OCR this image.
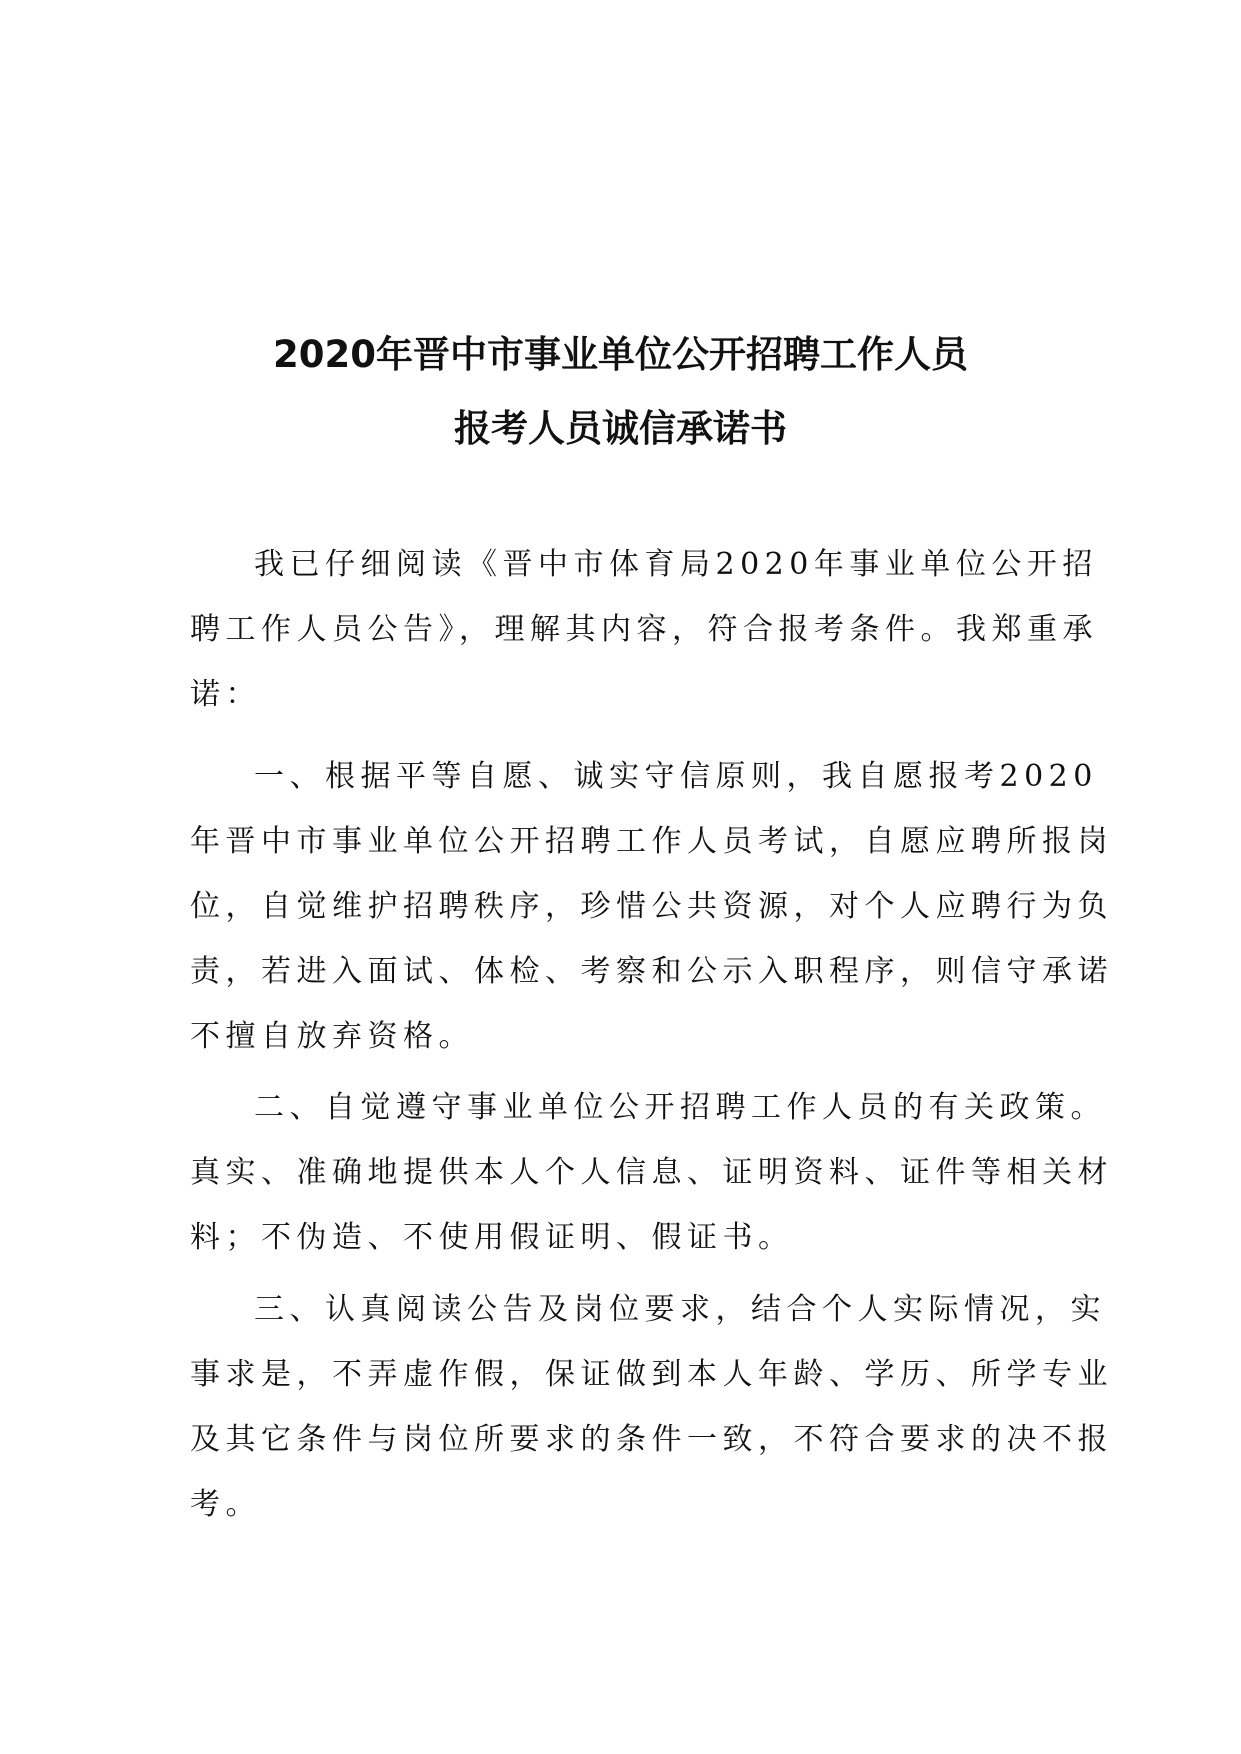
2020年晋中市事业单位公开招聘工作人员
报考人员诚信承诺书
我已仔细阅读《晋中市体育局2020年事业单位公开招
聘工作人员公告》，理解其内容，符合报考条件。我郑重承
诺：
一、根据平等自愿、诚实守信原则，我自愿报考2020
年晋中市事业单位公开招聘工作人员考试，自愿应聘所报岗
位，自觉维护招聘秩序，珍惜公共资源，对个人应聘行为负
责，若进入面试、体检、考察和公示入职程序，则信守承诺
不擅自放弃资格。
二、自觉遵守事业单位公开招聘工作人员的有关政策。
真实、准确地提供本人个人信息、证明资料、证件等相关材
料；不伪造、不使用假证明、假证书。
三、认真阅读公告及岗位要求，结合个人实际情况，实
事求是，不弄虚作假，保证做到本人年龄、学历、所学专业
及其它条件与岗位所要求的条件一致，不符合要求的决不报
考。
